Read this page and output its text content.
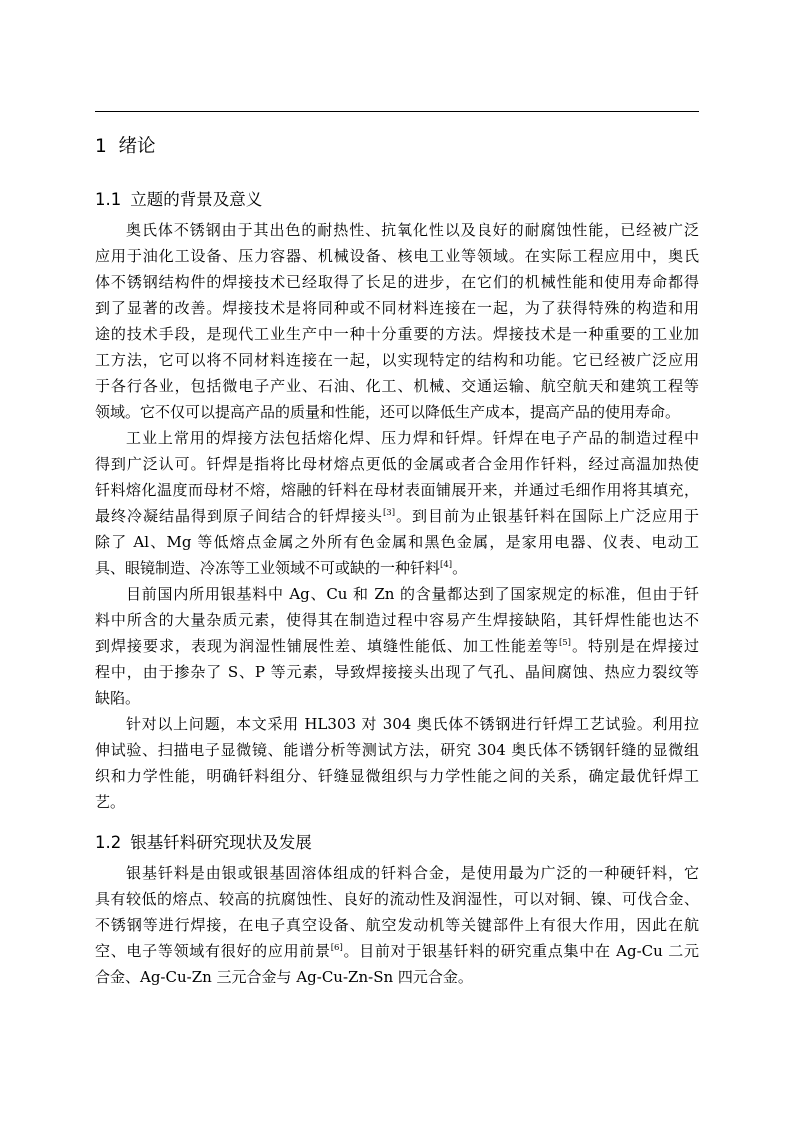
1 绪论
1.1 立题的背景及意义
奥氏体不锈钢由于其出色的耐热性、抗氧化性以及良好的耐腐蚀性能，已经被广泛
应用于油化工设备、压力容器、机械设备、核电工业等领域。在实际工程应用中，奥氏
体不锈钢结构件的焊接技术已经取得了长足的进步，在它们的机械性能和使用寿命都得
到了显著的改善。焊接技术是将同种或不同材料连接在一起，为了获得特殊的构造和用
途的技术手段，是现代工业生产中一种十分重要的方法。焊接技术是一种重要的工业加
工方法，它可以将不同材料连接在一起，以实现特定的结构和功能。它已经被广泛应用
于各行各业，包括微电子产业、石油、化工、机械、交通运输、航空航天和建筑工程等
领域。它不仅可以提高产品的质量和性能，还可以降低生产成本，提高产品的使用寿命。
工业上常用的焊接方法包括熔化焊、压力焊和钎焊。钎焊在电子产品的制造过程中
得到广泛认可。钎焊是指将比母材熔点更低的金属或者合金用作钎料，经过高温加热使
钎料熔化温度而母材不熔，熔融的钎料在母材表面铺展开来，并通过毛细作用将其填充，
最终冷凝结晶得到原子间结合的钎焊接头[3]。到目前为止银基钎料在国际上广泛应用于
除了 Al、Mg 等低熔点金属之外所有色金属和黑色金属，是家用电器、仪表、电动工
具、眼镜制造、冷冻等工业领域不可或缺的一种钎料[4]。
目前国内所用银基料中 Ag、Cu 和 Zn 的含量都达到了国家规定的标准，但由于钎
料中所含的大量杂质元素，使得其在制造过程中容易产生焊接缺陷，其钎焊性能也达不
到焊接要求，表现为润湿性铺展性差、填缝性能低、加工性能差等[5]。特别是在焊接过
程中，由于掺杂了 S、P 等元素，导致焊接接头出现了气孔、晶间腐蚀、热应力裂纹等
缺陷。
针对以上问题，本文采用 HL303 对 304 奥氏体不锈钢进行钎焊工艺试验。利用拉
伸试验、扫描电子显微镜、能谱分析等测试方法，研究 304 奥氏体不锈钢钎缝的显微组
织和力学性能，明确钎料组分、钎缝显微组织与力学性能之间的关系，确定最优钎焊工
艺。
1.2 银基钎料研究现状及发展
银基钎料是由银或银基固溶体组成的钎料合金，是使用最为广泛的一种硬钎料，它
具有较低的熔点、较高的抗腐蚀性、良好的流动性及润湿性，可以对铜、镍、可伐合金、
不锈钢等进行焊接，在电子真空设备、航空发动机等关键部件上有很大作用，因此在航
空、电子等领域有很好的应用前景[6]。目前对于银基钎料的研究重点集中在 Ag-Cu 二元
合金、Ag-Cu-Zn 三元合金与 Ag-Cu-Zn-Sn 四元合金。
